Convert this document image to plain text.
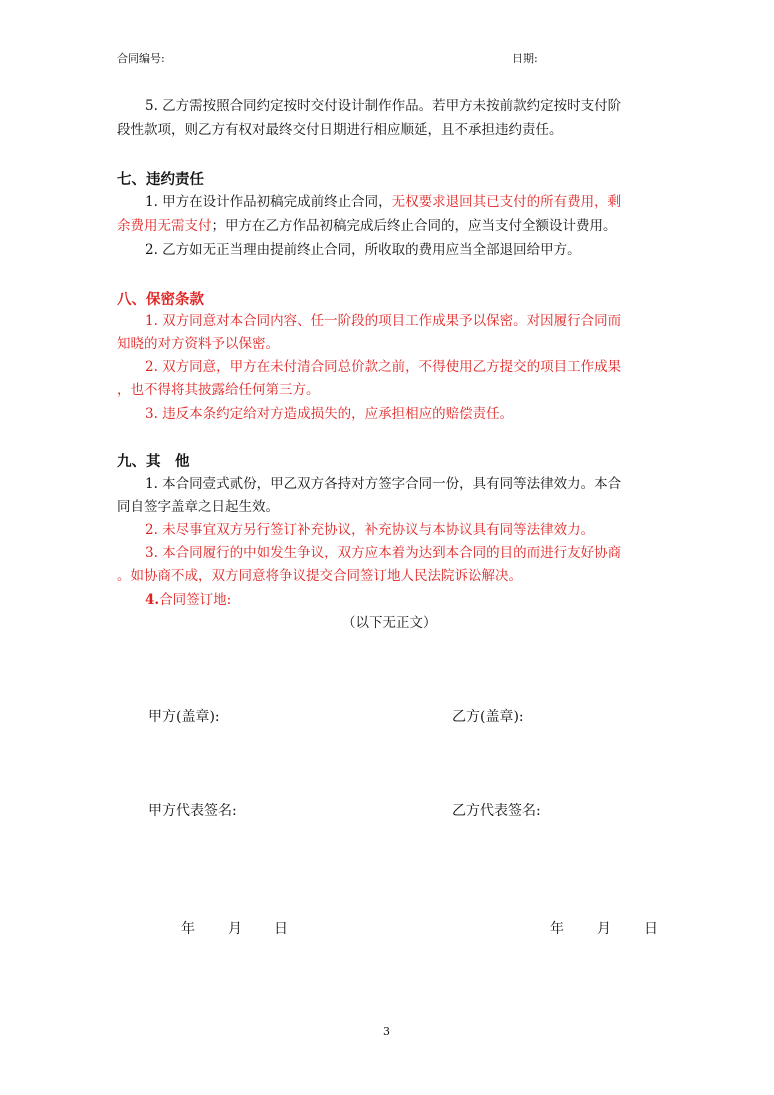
合同编号:	日期:
5. 乙方需按照合同约定按时交付设计制作作品。若甲方未按前款约定按时支付阶
段性款项，则乙方有权对最终交付日期进行相应顺延，且不承担违约责任。
七、违约责任
1. 甲方在设计作品初稿完成前终止合同，无权要求退回其已支付的所有费用，剩
余费用无需支付；甲方在乙方作品初稿完成后终止合同的，应当支付全额设计费用。
2. 乙方如无正当理由提前终止合同，所收取的费用应当全部退回给甲方。
八、保密条款
1. 双方同意对本合同内容、任一阶段的项目工作成果予以保密。对因履行合同而
知晓的对方资料予以保密。
2. 双方同意，甲方在未付清合同总价款之前，不得使用乙方提交的项目工作成果
，也不得将其披露给任何第三方。
3. 违反本条约定给对方造成损失的，应承担相应的赔偿责任。
九、其　他
1. 本合同壹式贰份，甲乙双方各持对方签字合同一份，具有同等法律效力。本合
同自签字盖章之日起生效。
2. 未尽事宜双方另行签订补充协议，补充协议与本协议具有同等法律效力。
3. 本合同履行的中如发生争议，双方应本着为达到本合同的目的而进行友好协商
。如协商不成，双方同意将争议提交合同签订地人民法院诉讼解决。
4.合同签订地:
（以下无正文）
甲方(盖章):	乙方(盖章):
甲方代表签名:	乙方代表签名:
年 月 日	年 月 日
3
